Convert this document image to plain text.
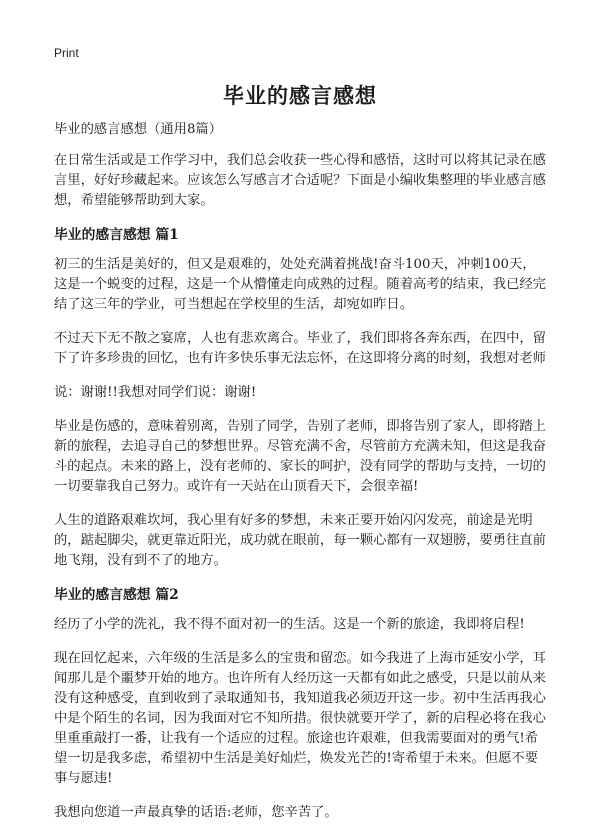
Print
毕业的感言感想

毕业的感言感想（通用8篇）

在日常生活或是工作学习中，我们总会收获一些心得和感悟，这时可以将其记录在感言里，好好珍藏起来。应该怎么写感言才合适呢？下面是小编收集整理的毕业感言感想，希望能够帮助到大家。

毕业的感言感想 篇1

初三的生活是美好的，但又是艰难的，处处充满着挑战!奋斗100天，冲刺100天，这是一个蜕变的过程，这是一个从懵懂走向成熟的过程。随着高考的结束，我已经完结了这三年的学业，可当想起在学校里的生活，却宛如昨日。

不过天下无不散之宴席，人也有悲欢离合。毕业了，我们即将各奔东西，在四中，留下了许多珍贵的回忆，也有许多快乐事无法忘怀，在这即将分离的时刻，我想对老师

说：谢谢!!我想对同学们说：谢谢!

毕业是伤感的，意味着别离，告别了同学，告别了老师，即将告别了家人，即将踏上新的旅程，去追寻自己的梦想世界。尽管充满不舍，尽管前方充满未知，但这是我奋斗的起点。未来的路上，没有老师的、家长的呵护，没有同学的帮助与支持，一切的一切要靠我自己努力。或许有一天站在山顶看天下，会很幸福!

人生的道路艰难坎坷，我心里有好多的梦想，未来正要开始闪闪发亮，前途是光明的，踮起脚尖，就更靠近阳光，成功就在眼前，每一颗心都有一双翅膀，要勇往直前地飞翔，没有到不了的地方。

毕业的感言感想 篇2

经历了小学的洗礼，我不得不面对初一的生活。这是一个新的旅途，我即将启程!

现在回忆起来，六年级的生活是多么的宝贵和留恋。如今我进了上海市延安小学，耳闻那儿是个噩梦开始的地方。也许所有人经历这一天都有如此之感受，只是以前从来没有这种感受，直到收到了录取通知书，我知道我必须迈开这一步。初中生活再我心中是个陌生的名词，因为我面对它不知所措。很快就要开学了，新的启程必将在我心里重重敲打一番，让我有一个适应的过程。旅途也许艰难，但我需要面对的勇气!希望一切是我多虑，希望初中生活是美好灿烂，焕发光芒的!寄希望于未来。但愿不要事与愿违!

我想向您道一声最真挚的话语:老师，您辛苦了。
